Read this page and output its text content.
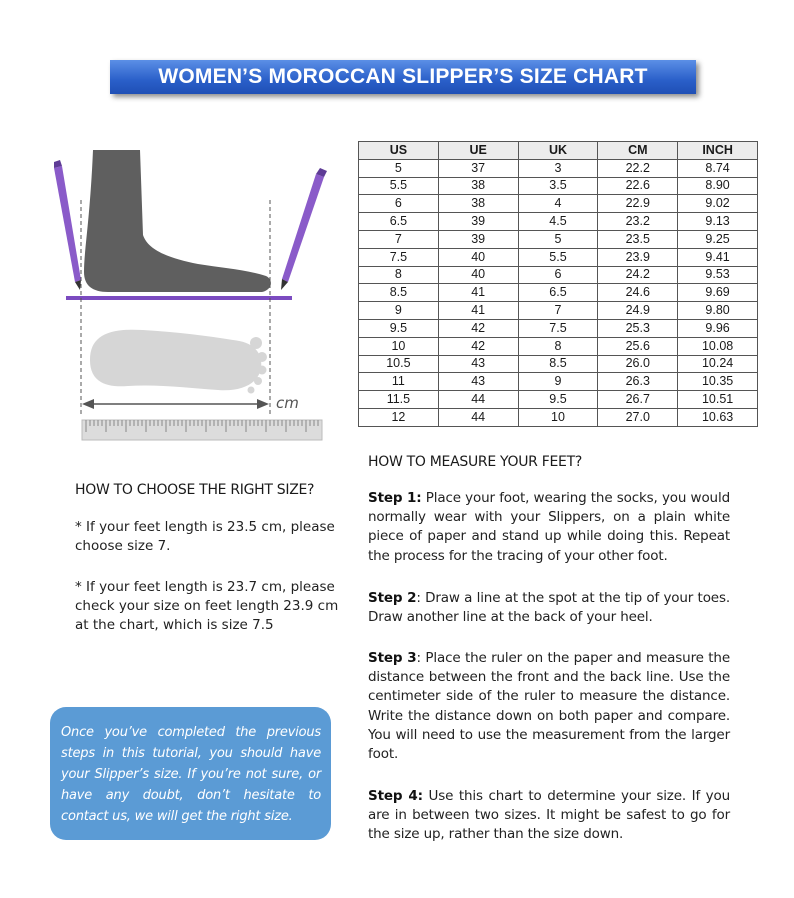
WOMEN’S MOROCCAN SLIPPER’S SIZE CHART
cm
US	UE	UK	CM	INCH
5	37	3	22.2	8.74
5.5	38	3.5	22.6	8.90
6	38	4	22.9	9.02
6.5	39	4.5	23.2	9.13
7	39	5	23.5	9.25
7.5	40	5.5	23.9	9.41
8	40	6	24.2	9.53
8.5	41	6.5	24.6	9.69
9	41	7	24.9	9.80
9.5	42	7.5	25.3	9.96
10	42	8	25.6	10.08
10.5	43	8.5	26.0	10.24
11	43	9	26.3	10.35
11.5	44	9.5	26.7	10.51
12	44	10	27.0	10.63
HOW TO CHOOSE THE RIGHT SIZE?

* If your feet length is 23.5 cm, please choose size 7.

* If your feet length is 23.7 cm, please check your size on feet length 23.9 cm at the chart, which is size 7.5

Once you’ve completed the previous steps in this tutorial, you should have your Slipper’s size. If you’re not sure, or have any doubt, don’t hesitate to contact us, we will get the right size.

HOW TO MEASURE YOUR FEET?

Step 1: Place your foot, wearing the socks, you would normally wear with your Slippers, on a plain white piece of paper and stand up while doing this. Repeat the process for the tracing of your other foot.

Step 2: Draw a line at the spot at the tip of your toes. Draw another line at the back of your heel.

Step 3: Place the ruler on the paper and measure the distance between the front and the back line. Use the centimeter side of the ruler to measure the distance. Write the distance down on both paper and compare. You will need to use the measurement from the larger foot.

Step 4: Use this chart to determine your size. If you are in between two sizes. It might be safest to go for the size up, rather than the size down.
